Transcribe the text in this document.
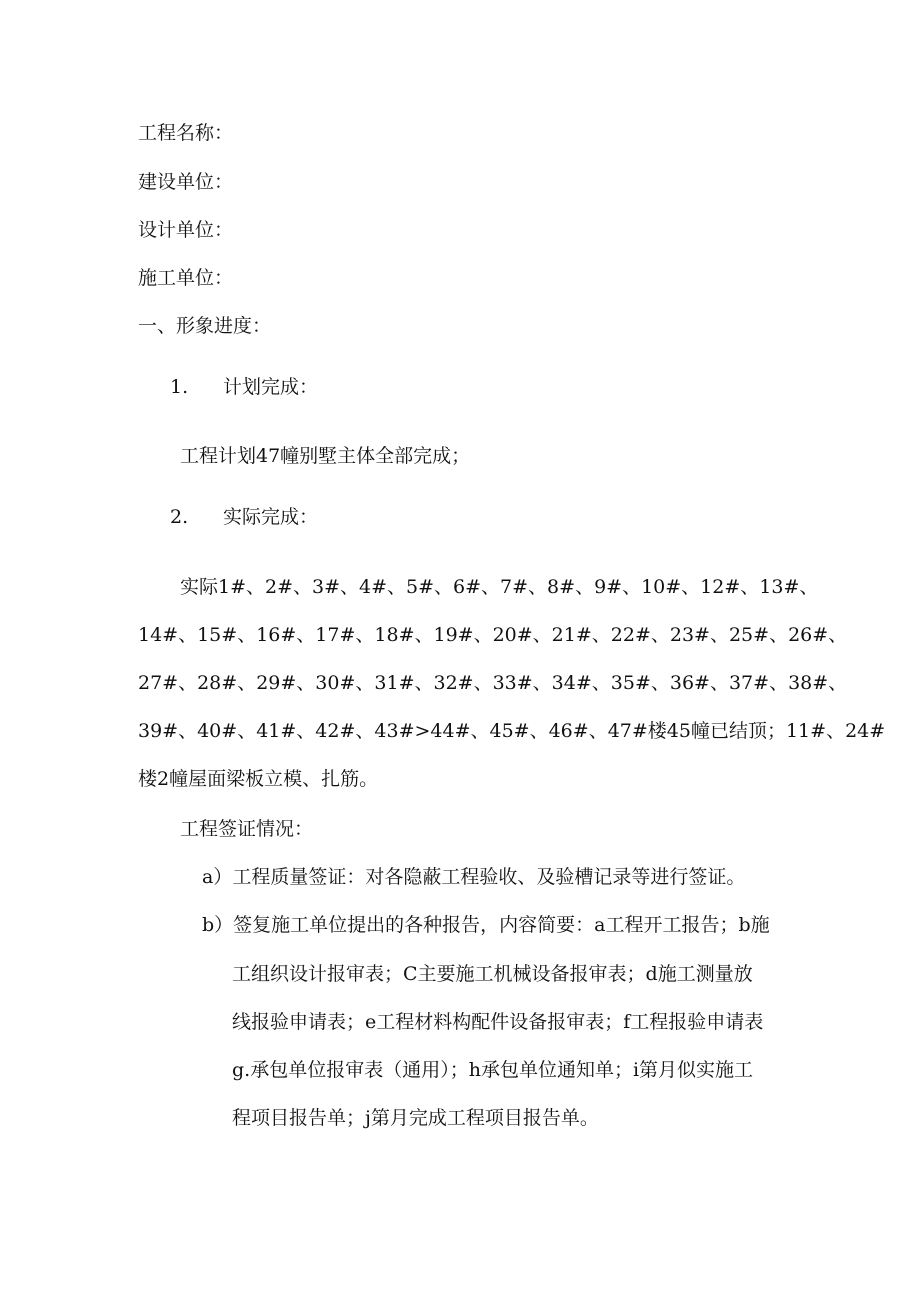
工程名称：
建设单位：
设计单位：
施工单位：
一、形象进度：
1. 计划完成：
工程计划47幢别墅主体全部完成；
2. 实际完成：
实际1#、2#、3#、4#、5#、6#、7#、8#、9#、10#、12#、13#、
14#、15#、16#、17#、18#、19#、20#、21#、22#、23#、25#、26#、
27#、28#、29#、30#、31#、32#、33#、34#、35#、36#、37#、38#、
39#、40#、41#、42#、43#>44#、45#、46#、47#楼45幢已结顶；11#、24#
楼2幢屋面梁板立模、扎筋。
工程签证情况：
a）工程质量签证：对各隐蔽工程验收、及验槽记录等进行签证。
b）签复施工单位提出的各种报告，内容简要：a工程开工报告；b施
工组织设计报审表；C主要施工机械设备报审表；d施工测量放
线报验申请表；e工程材料构配件设备报审表；f工程报验申请表
g.承包单位报审表（通用）；h承包单位通知单；i第月似实施工
程项目报告单；j第月完成工程项目报告单。
